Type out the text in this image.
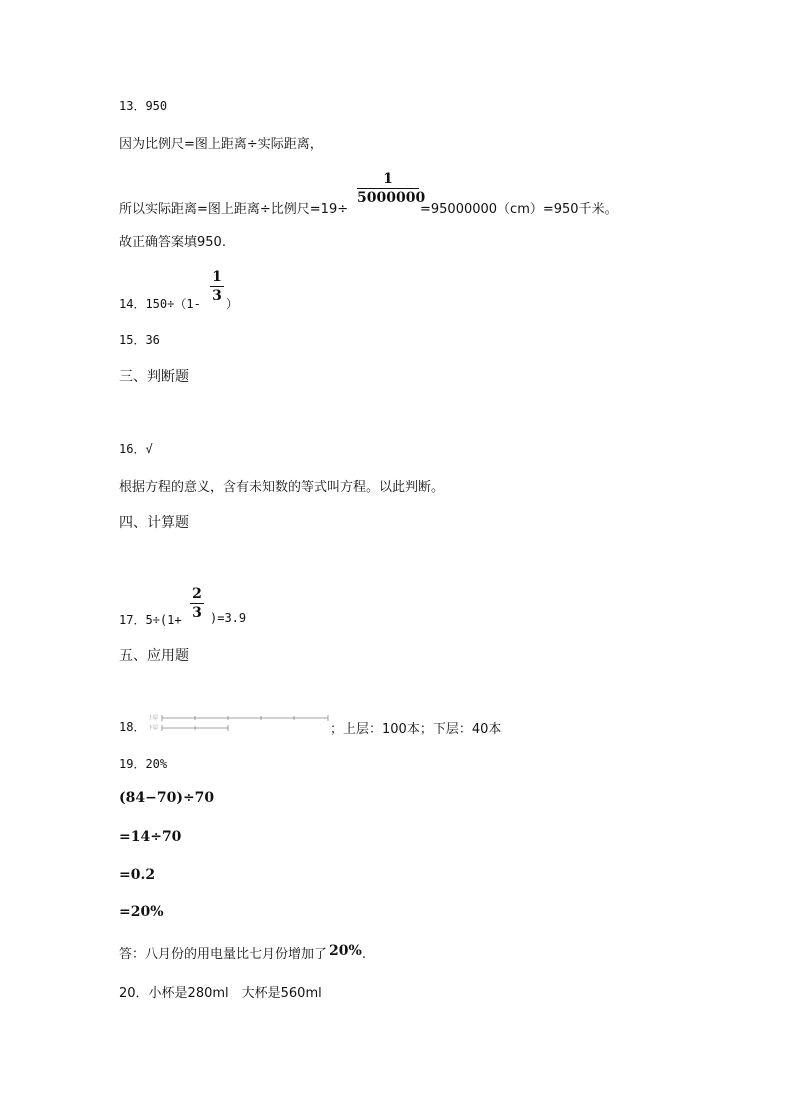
13．950
因为比例尺=图上距离÷实际距离，
1
5000000
所以实际距离=图上距离÷比例尺=19÷	=95000000（cm）=950千米。
故正确答案填950.
1
3
14．150÷（1- ）
15．36
三、判断题
16．√
根据方程的意义，含有未知数的等式叫方程。以此判断。
四、计算题
2
3
17．5÷(1+ )=3.9
五、应用题
18．
上层
下层	；上层：100本；下层：40本
19．20%
(84−70)÷70
=14÷70
=0.2
=20%
答：八月份的用电量比七月份增加了 20%.
20．小杯是280ml　大杯是560ml
